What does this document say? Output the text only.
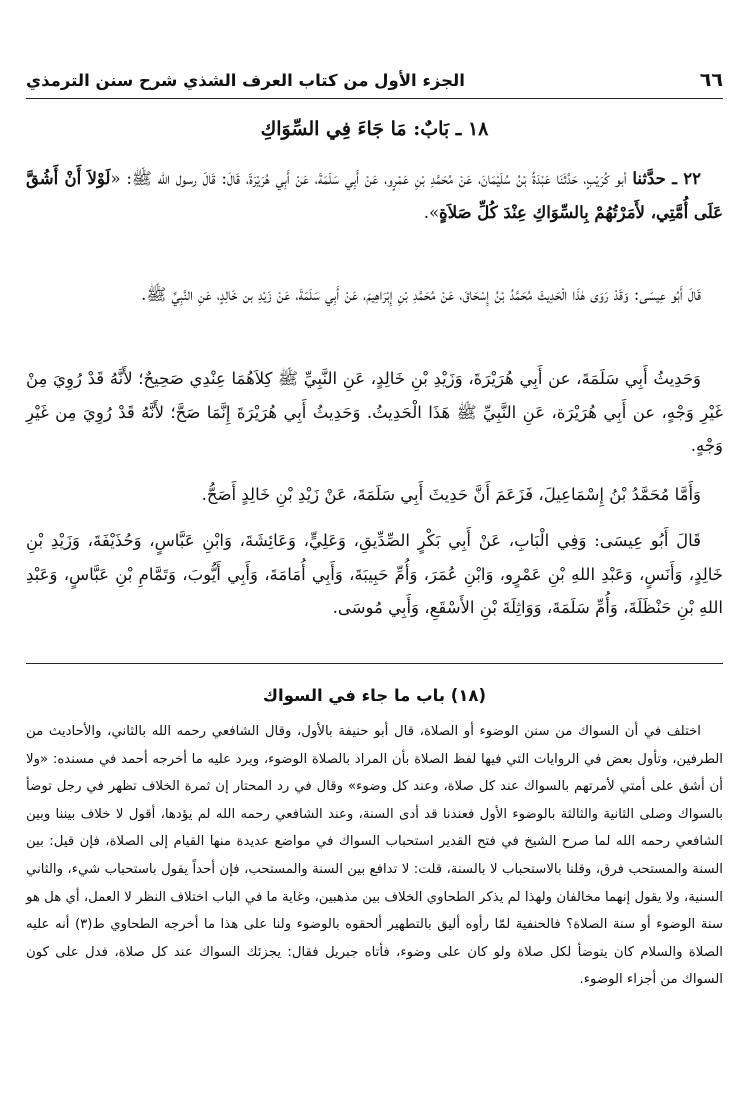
٦٦
الجزء الأول من كتاب العرف الشذي شرح سنن الترمذي
١٨ ـ بَابٌ: مَا جَاءَ فِي السِّوَاكِ

٢٢ ـ حدَّثنا أبو كُرَيْبٍ، حَدَّثَنَا عَبْدَةُ بْنُ سُلَيْمَانَ، عَنْ مُحَمَّدِ بْنِ عَمْرٍو، عَنْ أَبِي سَلَمَةَ، عَنْ أَبِي هُرَيْرَةَ، قَالَ: قَالَ رسول الله ﷺ: «لَوْلاَ أَنْ أَشُقَّ عَلَى أُمَّتِي، لأَمَرْتُهُمْ بِالسِّوَاكِ عِنْدَ كُلِّ صَلاَةٍ».

قَالَ أَبُو عِيسَى: وَقَدْ رَوَى هٰذَا الْحَدِيثَ مُحَمَّدُ بْنُ إِسْحَاقَ، عَنْ مُحَمَّدِ بْنِ إِبْرَاهِيمَ، عَنْ أَبِي سَلَمَةَ، عَنْ زَيْدِ بن خَالِدٍ، عَنِ النَّبِيِّ ﷺ.

وَحَدِيثُ أَبِي سَلَمَةَ، عن أَبِي هُرَيْرَةَ، وَزَيْدِ بْنِ خَالِدٍ، عَنِ النَّبِيِّ ﷺ كِلاَهُمَا عِنْدِي صَحِيحٌ؛ لأَنَّهُ قَدْ رُوِيَ مِنْ غَيْرِ وَجْهٍ، عن أَبِي هُرَيْرَة، عَنِ النَّبِيِّ ﷺ هَذَا الْحَدِيثُ. وَحَدِيثُ أَبِي هُرَيْرَةَ إِنَّمَا صَحَّ؛ لأَنَّهُ قَدْ رُوِيَ مِن غَيْرِ وَجْهٍ.

وَأَمَّا مُحَمَّدُ بْنُ إِسْمَاعِيلَ، فَزَعَمَ أَنَّ حَدِيثَ أَبِي سَلَمَةَ، عَنْ زَيْدِ بْنِ خَالِدٍ أَصَحُّ.

قَالَ أَبُو عِيسَى: وَفِي الْبَابِ، عَنْ أَبِي بَكْرٍ الصِّدِّيقِ، وَعَلِيٍّ، وَعَائِشَةَ، وَابْنِ عَبَّاسٍ، وَحُذَيْفَةَ، وَزَيْدِ بْنِ خَالِدٍ، وَأَنَسٍ، وَعَبْدِ اللهِ بْنِ عَمْرٍو، وَابْنِ عُمَرَ، وَأُمِّ حَبِيبَةَ، وَأَبِي أُمَامَةَ، وَأَبِي أَيُّوبَ، وَتَمَّامِ بْنِ عَبَّاسٍ، وَعَبْدِ اللهِ بْنِ حَنْظَلَةَ، وَأُمِّ سَلَمَةَ، وَوَاثِلَةَ بْنِ الأَسْقَعِ، وَأَبِي مُوسَى.

(١٨) باب ما جاء في السواك

اختلف في أن السواك من سنن الوضوء أو الصلاة، قال أبو حنيفة بالأول، وقال الشافعي رحمه الله بالثاني، والأحاديث من الطرفين، وتأول بعض في الروايات التي فيها لفظ الصلاة بأن المراد بالصلاة الوضوء، ويرد عليه ما أخرجه أحمد في مسنده: «ولا أن أشق على أمتي لأمرتهم بالسواك عند كل صلاة، وعند كل وضوء» وقال في رد المحتار إن ثمرة الخلاف تظهر في رجل توضأ بالسواك وصلى الثانية والثالثة بالوضوء الأول فعندنا قد أدى السنة، وعند الشافعي رحمه الله لم يؤدها، أقول لا خلاف بيننا وبين الشافعي رحمه الله لما صرح الشيخ في فتح القدير استحباب السواك في مواضع عديدة منها القيام إلى الصلاة، فإن قيل: بين السنة والمستحب فرق، وقلنا بالاستحباب لا بالسنة، قلت: لا تدافع بين السنة والمستحب، فإن أحداً يقول باستحباب شيء، والثاني السنية، ولا يقول إنهما مخالفان ولهذا لم يذكر الطحاوي الخلاف بين مذهبين، وغاية ما في الباب اختلاف النظر لا العمل، أي هل هو سنة الوضوء أو سنة الصلاة؟ فالحنفية لمّا رأوه أليق بالتطهير ألحقوه بالوضوء ولنا على هذا ما أخرجه الطحاوي ط(٣) أنه عليه الصلاة والسلام كان يتوضأ لكل صلاة ولو كان على وضوء، فأتاه جبريل فقال: يجزئك السواك عند كل صلاة، فدل على كون السواك من أجزاء الوضوء.
